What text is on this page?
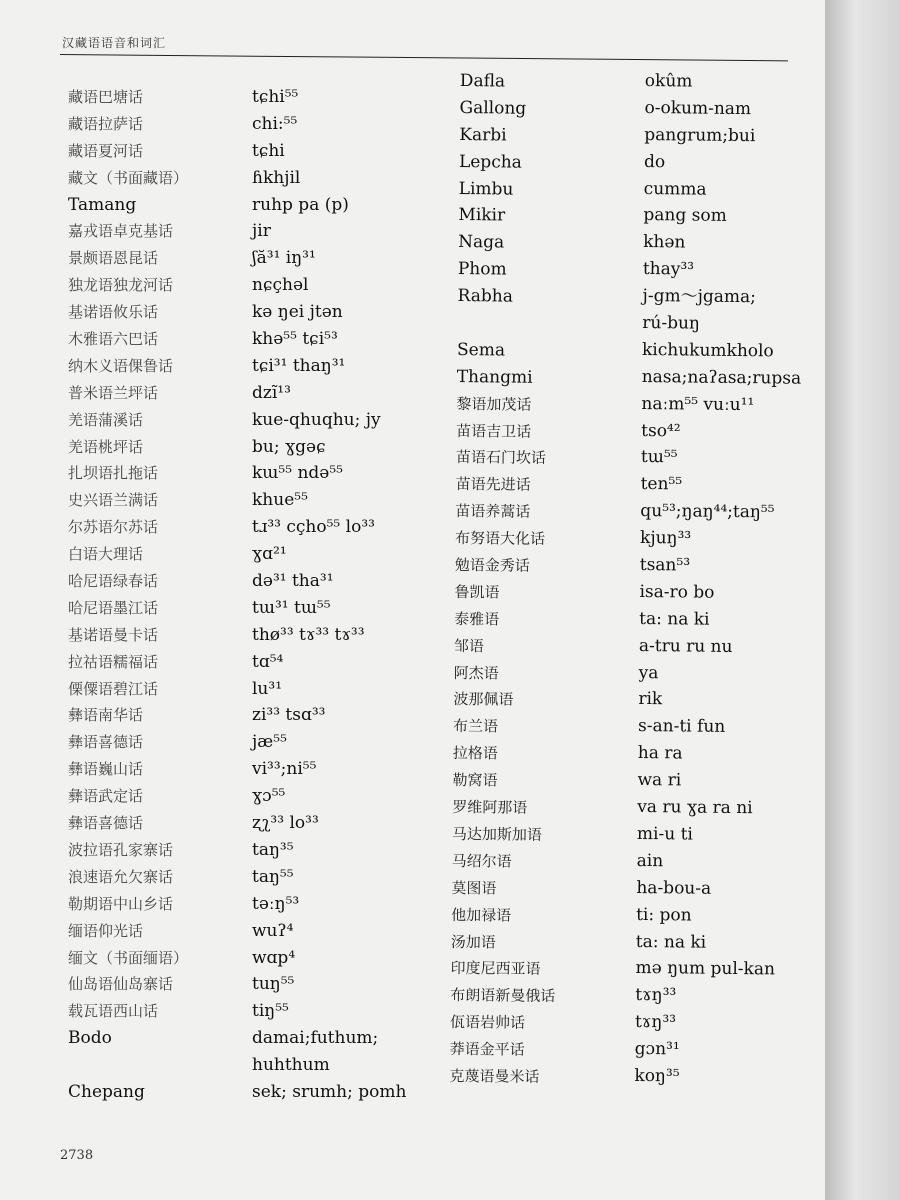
汉藏语语音和词汇
藏语巴塘话
藏语拉萨话
藏语夏河话
藏文（书面藏语）
Tamang
嘉戎语卓克基话
景颇语恩昆话
独龙语独龙河话
基诺语攸乐话
木雅语六巴话
纳木义语倮鲁话
普米语兰坪话
羌语蒲溪话
羌语桃坪话
扎坝语扎拖话
史兴语兰满话
尔苏语尔苏话
白语大理话
哈尼语绿春话
哈尼语墨江话
基诺语曼卡话
拉祜语糯福话
傈僳语碧江话
彝语南华话
彝语喜德话
彝语巍山话
彝语武定话
彝语喜德话
波拉语孔家寨话
浪速语允欠寨话
勒期语中山乡话
缅语仰光话
缅文（书面缅语）
仙岛语仙岛寨话
载瓦语西山话
Bodo
Chepang
tɕhi⁵⁵
chi:⁵⁵
tɕhi
ɦkhjil
ruhp pa (p)
jir
ʃă³¹ iŋ³¹
nɕçhəl
kə ŋei jtən
khə⁵⁵ tɕi⁵³
tɕi³¹ thaŋ³¹
dzĩ¹³
kue-qhuqhu; jy
bu; ɣgəɕ
kɯ⁵⁵ ndə⁵⁵
khue⁵⁵
tɹ³³ cçho⁵⁵ lo³³
ɣɑ²¹
də³¹ tha³¹
tɯ³¹ tɯ⁵⁵
thø³³ tɤ³³ tɤ³³
tɑ⁵⁴
lu³¹
zi³³ tsɑ³³
jæ⁵⁵
vi³³;ni⁵⁵
ɣɔ⁵⁵
ʐʅ³³ lo³³
taŋ³⁵
taŋ⁵⁵
təːŋ⁵³
wuʔ⁴
wɑp⁴
tuŋ⁵⁵
tiŋ⁵⁵
damai;futhum;
huhthum
sek; srumh; pomh
Dafla
Gallong
Karbi
Lepcha
Limbu
Mikir
Naga
Phom
Rabha
Sema
Thangmi
黎语加茂话
苗语吉卫话
苗语石门坎话
苗语先进话
苗语养蒿话
布努语大化话
勉语金秀话
鲁凯语
泰雅语
邹语
阿杰语
波那佩语
布兰语
拉格语
勒窝语
罗维阿那语
马达加斯加语
马绍尔语
莫图语
他加禄语
汤加语
印度尼西亚语
布朗语新曼俄话
佤语岩帅话
莽语金平话
克蔑语曼米话
okûm
o-okum-nam
pangrum;bui
do
cumma
pang som
khən
thay³³
j-gm～jgama;
rú-buŋ
kichukumkholo
nasa;naʔasa;rupsa
naːm⁵⁵ vuːu¹¹
tso⁴²
tɯ⁵⁵
ten⁵⁵
qu⁵³;ŋaŋ⁴⁴;taŋ⁵⁵
kjuŋ³³
tsan⁵³
isa-ro bo
ta: na ki
a-tru ru nu
ya
rik
s-an-ti fun
ha ra
wa ri
va ru ɣa ra ni
mi-u ti
ain
ha-bou-a
ti: pon
ta: na ki
mə ŋum pul-kan
tɤŋ³³
tɤŋ³³
gɔn³¹
koŋ³⁵
2738
